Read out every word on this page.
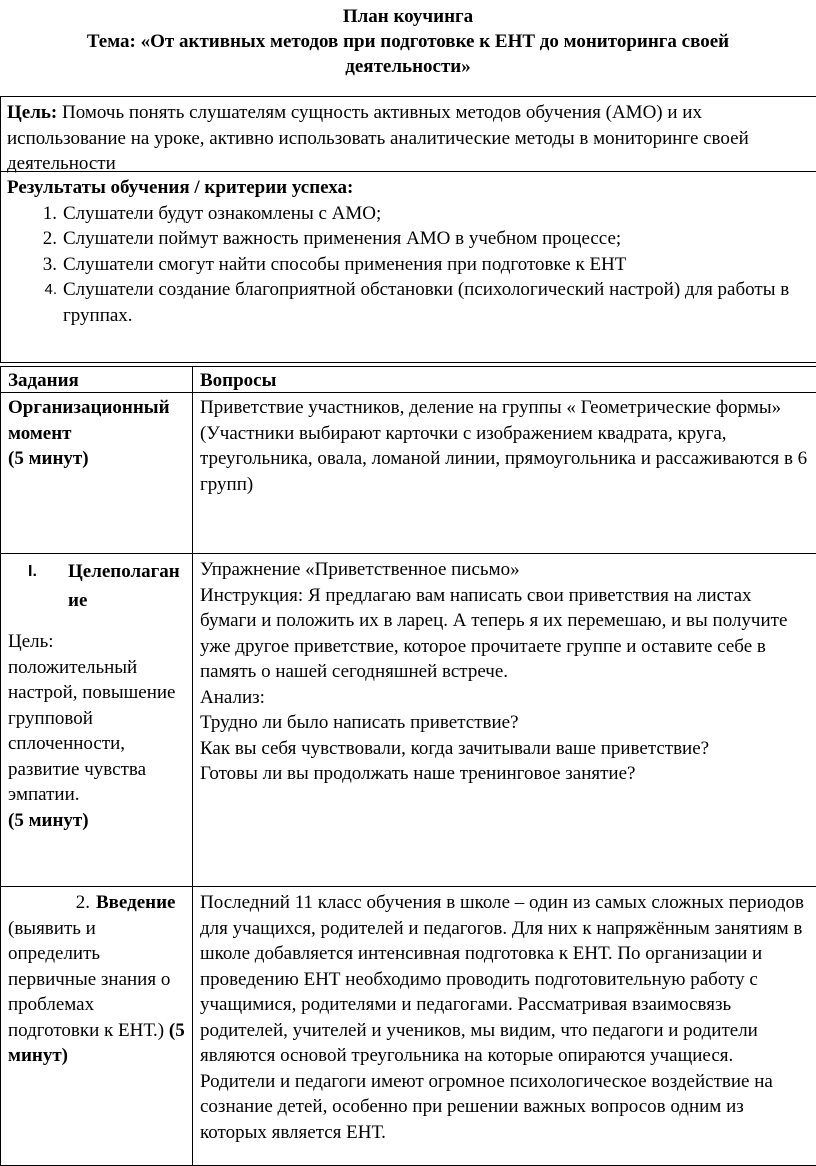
План коучинга
Тема: «От активных методов при подготовке к ЕНТ до мониторинга своей
деятельности»
Цель: Помочь понять слушателям сущность активных методов обучения (АМО) и их использование на уроке, активно использовать аналитические методы в мониторинге своей деятельности
Результаты обучения / критерии успеха:
1. Слушатели будут ознакомлены с АМО;
2. Слушатели поймут важность применения АМО в учебном процессе;
3. Слушатели смогут найти способы применения при подготовке к ЕНТ
4. Слушатели создание благоприятной обстановки (психологический настрой) для работы в группах.
Задания	Вопросы
Организационный момент
(5 минут)
Приветствие участников, деление на группы « Геометрические формы» (Участники выбирают карточки с изображением квадрата, круга, треугольника, овала, ломаной линии, прямоугольника и рассаживаются в 6 групп)
I.	Целеполагание
Цель: положительный настрой, повышение групповой сплоченности, развитие чувства эмпатии.
(5 минут)
Упражнение «Приветственное письмо»
Инструкция: Я предлагаю вам написать свои приветствия на листах бумаги и положить их в ларец. А теперь я их перемешаю, и вы получите уже другое приветствие, которое прочитаете группе и оставите себе в память о нашей сегодняшней встрече.
Анализ:
Трудно ли было написать приветствие?
Как вы себя чувствовали, когда зачитывали ваше приветствие?
Готовы ли вы продолжать наше тренинговое занятие?
2. Введение
(выявить и определить первичные знания о проблемах подготовки к ЕНТ.) (5 минут)
Последний 11 класс обучения в школе – один из самых сложных периодов для учащихся, родителей и педагогов. Для них к напряжённым занятиям в школе добавляется интенсивная подготовка к ЕНТ. По организации и проведению ЕНТ необходимо проводить подготовительную работу с учащимися, родителями и педагогами. Рассматривая взаимосвязь родителей, учителей и учеников, мы видим, что педагоги и родители являются основой треугольника на которые опираются учащиеся. Родители и педагоги имеют огромное психологическое воздействие на сознание детей, особенно при решении важных вопросов одним из которых является ЕНТ.
